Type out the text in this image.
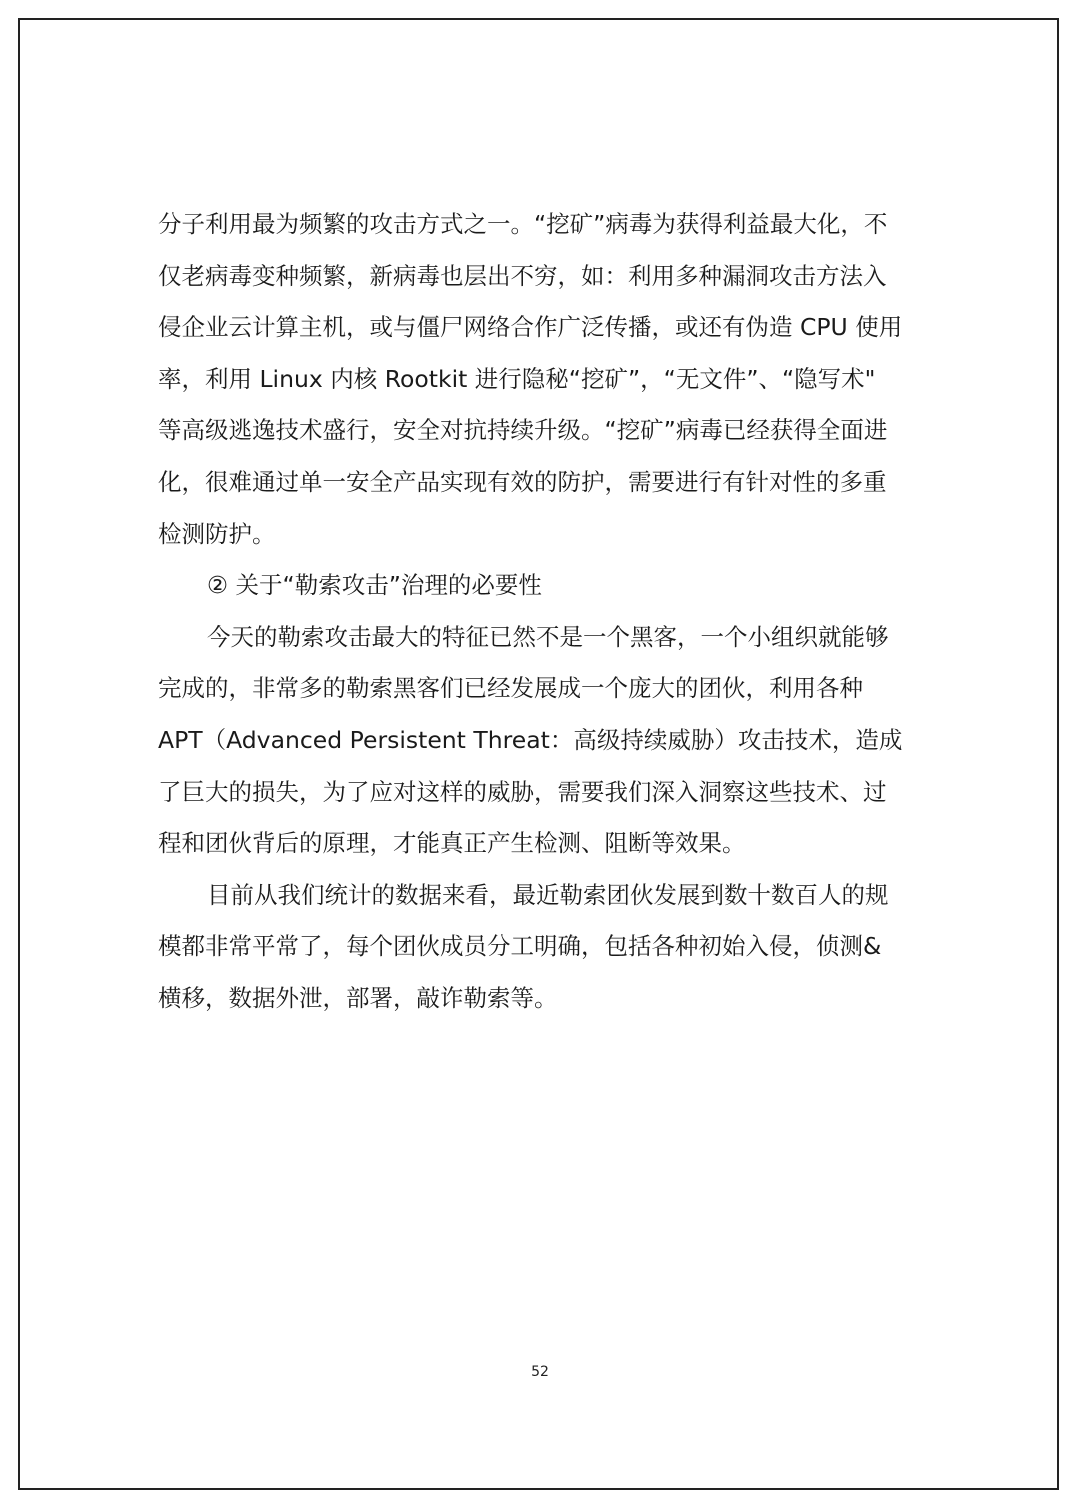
分子利用最为频繁的攻击方式之一。“挖矿”病毒为获得利益最大化，不
仅老病毒变种频繁，新病毒也层出不穷，如：利用多种漏洞攻击方法入
侵企业云计算主机，或与僵尸网络合作广泛传播，或还有伪造 CPU 使用
率，利用 Linux 内核 Rootkit 进行隐秘“挖矿”，“无文件”、“隐写术"
等高级逃逸技术盛行，安全对抗持续升级。“挖矿”病毒已经获得全面进
化，很难通过单一安全产品实现有效的防护，需要进行有针对性的多重
检测防护。
② 关于“勒索攻击”治理的必要性
今天的勒索攻击最大的特征已然不是一个黑客，一个小组织就能够
完成的，非常多的勒索黑客们已经发展成一个庞大的团伙，利用各种
APT（Advanced Persistent Threat：高级持续威胁）攻击技术，造成
了巨大的损失，为了应对这样的威胁，需要我们深入洞察这些技术、过
程和团伙背后的原理，才能真正产生检测、阻断等效果。
目前从我们统计的数据来看，最近勒索团伙发展到数十数百人的规
模都非常平常了，每个团伙成员分工明确，包括各种初始入侵，侦测&
横移，数据外泄，部署，敲诈勒索等。
52
